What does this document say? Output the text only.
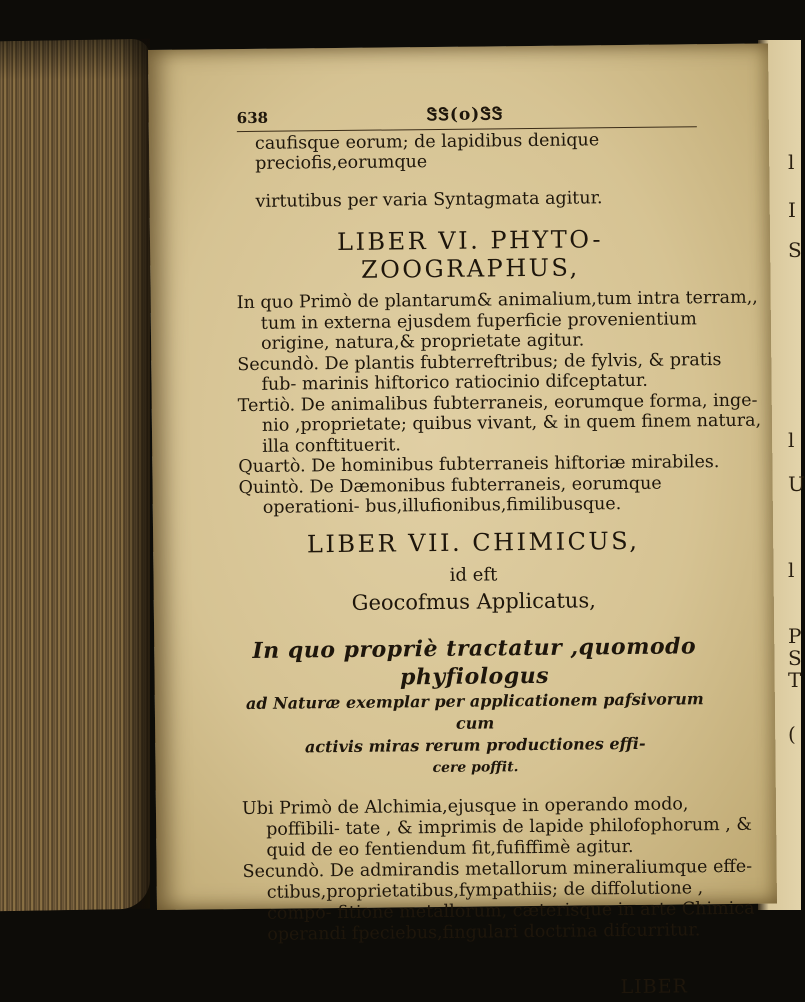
l
I
S
l
U
l
P
S
T
(
638	ᏕᏕ(o)ᏕᏕ

caufisque eorum; de lapidibus denique preciofis,eorumque

virtutibus per varia Syntagmata agitur.

LIBER VI. PHYTO-ZOOGRAPHUS,

In quo Primò de plantarum& animalium,tum intra terram,, tum in externa ejusdem fuperficie provenientium origine, natura,& proprietate agitur.

Secundò. De plantis fubterreftribus; de fylvis, & pratis fub- marinis hiftorico ratiocinio difceptatur.

Tertiò. De animalibus fubterraneis, eorumque forma, inge- nio ,proprietate; quibus vivant, & in quem finem natura, illa conftituerit.

Quartò. De hominibus fubterraneis hiftoriæ mirabiles.

Quintò. De Dæmonibus fubterraneis, eorumque operationi- bus,illufionibus,fimilibusque.

LIBER VII. CHIMICUS,
id eft
Geocofmus Applicatus,
In quo propriè tractatur ,quomodo phyfiologus
ad Naturæ exemplar per applicationem pafsivorum cum
activis miras rerum productiones effi-
cere poffit.

Ubi Primò de Alchimia,ejusque in operando modo, poffibili- tate , & imprimis de lapide philofophorum , & quid de eo fentiendum fit,fufiffimè agitur.

Secundò. De admirandis metallorum mineraliumque effe- ctibus,proprietatibus,fympathiis; de diffolutione , compo- fitione metallorum, cæterisque in arte Chimica operandi fpeciebus,fingulari doctrina difcurritur.

LIBER
